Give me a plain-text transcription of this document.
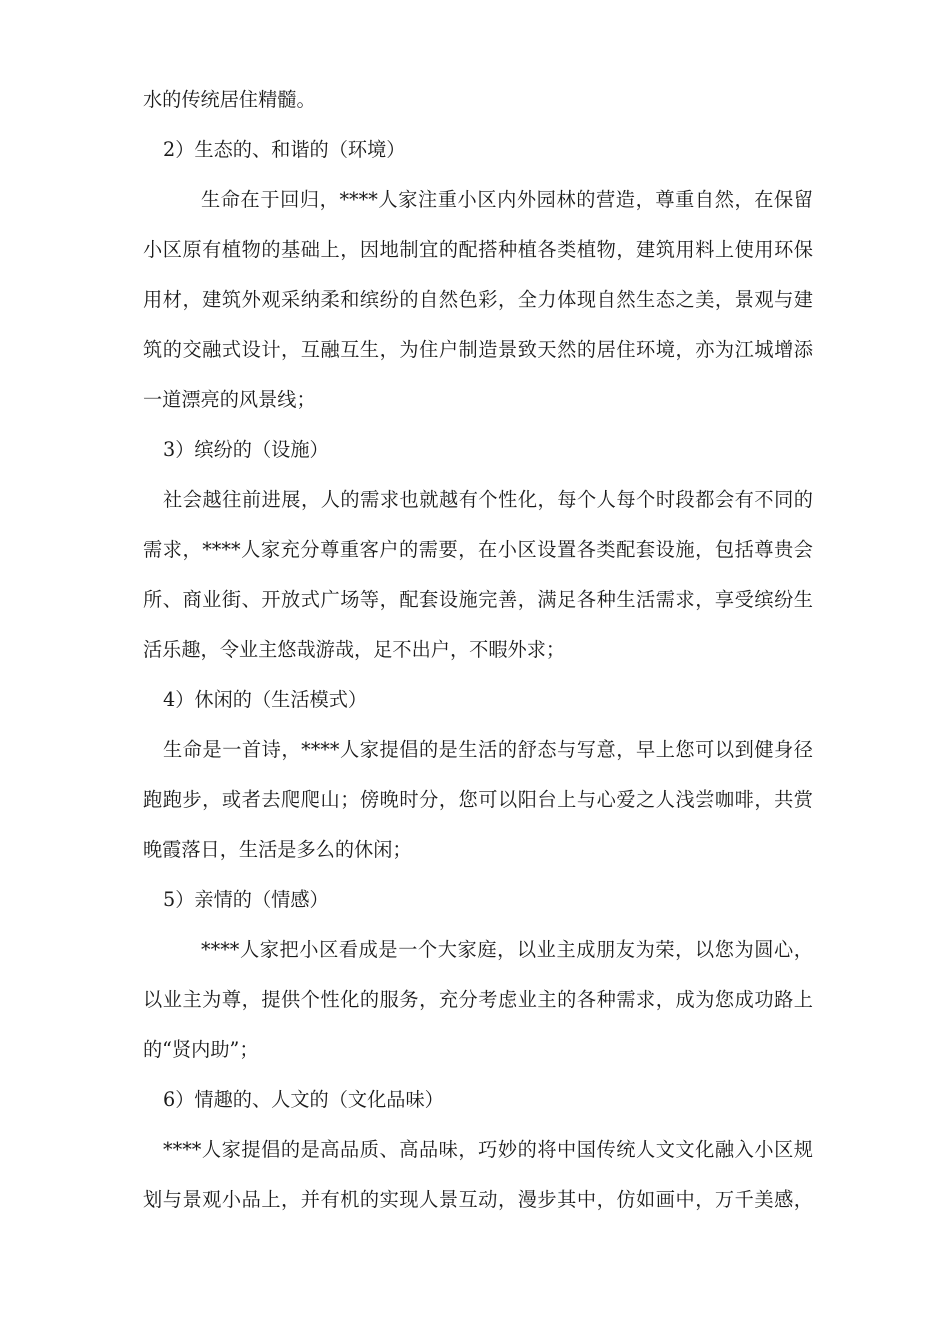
水的传统居住精髓。
2）生态的、和谐的（环境）
生命在于回归，****人家注重小区内外园林的营造，尊重自然，在保留
小区原有植物的基础上，因地制宜的配搭种植各类植物，建筑用料上使用环保
用材，建筑外观采纳柔和缤纷的自然色彩，全力体现自然生态之美，景观与建
筑的交融式设计，互融互生，为住户制造景致天然的居住环境，亦为江城增添
一道漂亮的风景线；
3）缤纷的（设施）
社会越往前进展，人的需求也就越有个性化，每个人每个时段都会有不同的
需求，****人家充分尊重客户的需要，在小区设置各类配套设施，包括尊贵会
所、商业街、开放式广场等，配套设施完善，满足各种生活需求，享受缤纷生
活乐趣，令业主悠哉游哉，足不出户，不暇外求；
4）休闲的（生活模式）
生命是一首诗，****人家提倡的是生活的舒态与写意，早上您可以到健身径
跑跑步，或者去爬爬山；傍晚时分，您可以阳台上与心爱之人浅尝咖啡，共赏
晚霞落日，生活是多么的休闲；
5）亲情的（情感）
****人家把小区看成是一个大家庭，以业主成朋友为荣，以您为圆心，
以业主为尊，提供个性化的服务，充分考虑业主的各种需求，成为您成功路上
的“贤内助”；
6）情趣的、人文的（文化品味）
****人家提倡的是高品质、高品味，巧妙的将中国传统人文文化融入小区规
划与景观小品上，并有机的实现人景互动，漫步其中，仿如画中，万千美感，
